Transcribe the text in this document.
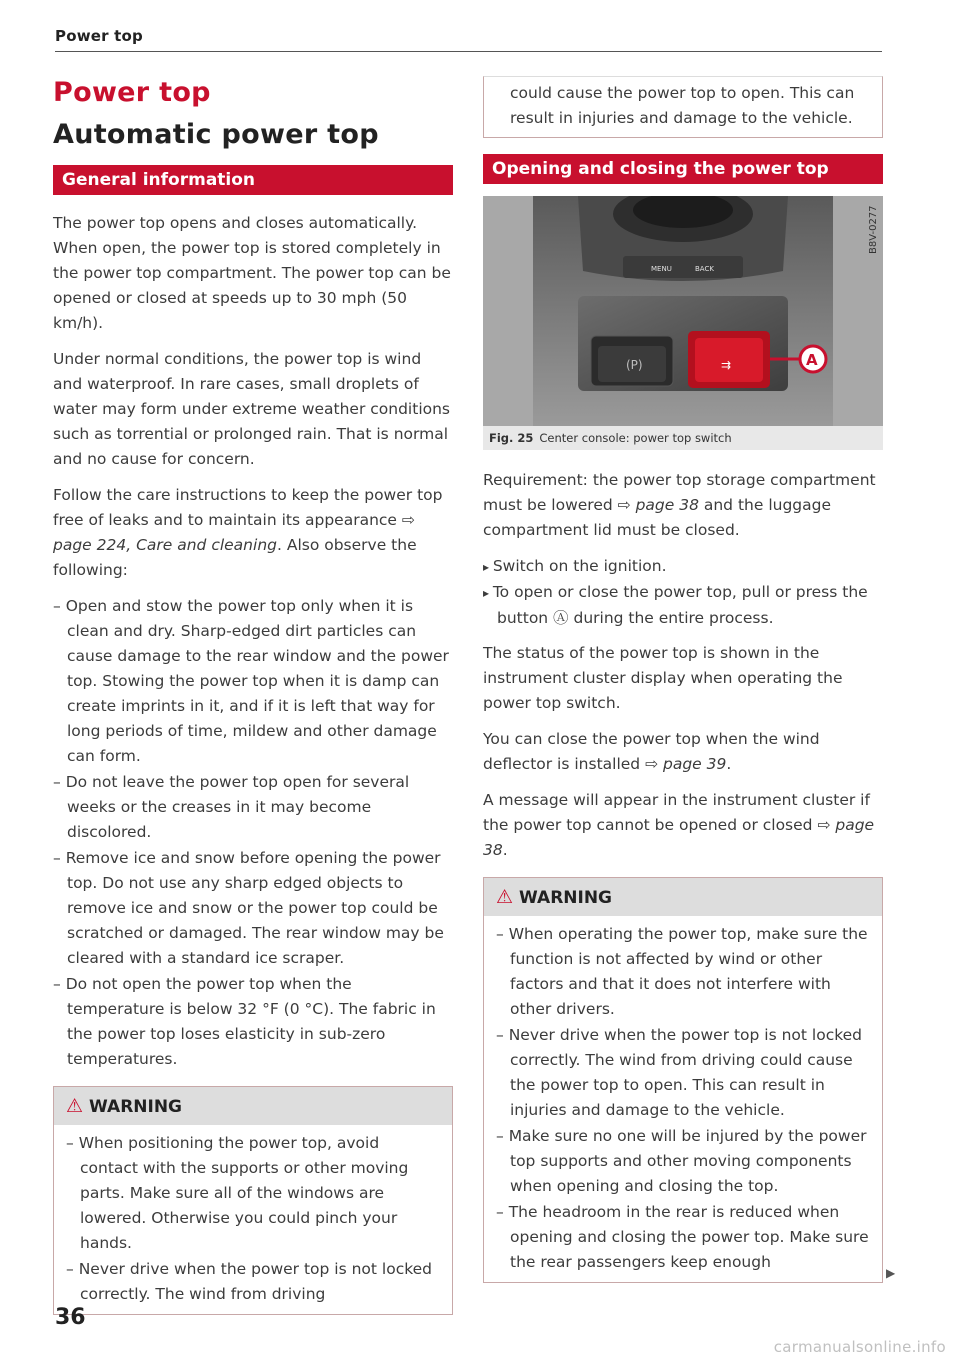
Power top
Power top
Automatic power top
General information

The power top opens and closes automatically. When open, the power top is stored completely in the power top compartment. The power top can be opened or closed at speeds up to 30 mph (50 km/h).

Under normal conditions, the power top is wind and waterproof. In rare cases, small droplets of water may form under extreme weather conditions such as torrential or prolonged rain. That is normal and no cause for concern.

Follow the care instructions to keep the power top free of leaks and to maintain its appearance ⇨ page 224, Care and cleaning. Also observe the following:

– Open and stow the power top only when it is clean and dry. Sharp-edged dirt particles can cause damage to the rear window and the power top. Stowing the power top when it is damp can create imprints in it, and if it is left that way for long periods of time, mildew and other damage can form.
– Do not leave the power top open for several weeks or the creases in it may become discolored.
– Remove ice and snow before opening the power top. Do not use any sharp edged objects to remove ice and snow or the power top could be scratched or damaged. The rear window may be cleared with a standard ice scraper.
– Do not open the power top when the temperature is below 32 °F (0 °C). The fabric in the power top loses elasticity in sub-zero temperatures.
⚠ WARNING
– When positioning the power top, avoid contact with the supports or other moving parts. Make sure all of the windows are lowered. Otherwise you could pinch your hands.
– Never drive when the power top is not locked correctly. The wind from driving

could cause the power top to open. This can result in injuries and damage to the vehicle.

Opening and closing the power top
MENU	BACK
(P)	⇉	A
B8V-0277
Fig. 25 Center console: power top switch

Requirement: the power top storage compartment must be lowered ⇨ page 38 and the luggage compartment lid must be closed.

▸ Switch on the ignition.
▸ To open or close the power top, pull or press the button Ⓐ during the entire process.

The status of the power top is shown in the instrument cluster display when operating the power top switch.

You can close the power top when the wind deflector is installed ⇨ page 39.

A message will appear in the instrument cluster if the power top cannot be opened or closed ⇨ page 38.

⚠ WARNING
– When operating the power top, make sure the function is not affected by wind or other factors and that it does not interfere with other drivers.
– Never drive when the power top is not locked correctly. The wind from driving could cause the power top to open. This can result in injuries and damage to the vehicle.
– Make sure no one will be injured by the power top supports and other moving components when opening and closing the top.
– The headroom in the rear is reduced when opening and closing the power top. Make sure the rear passengers keep enough
▶
36
carmanualsonline.info
